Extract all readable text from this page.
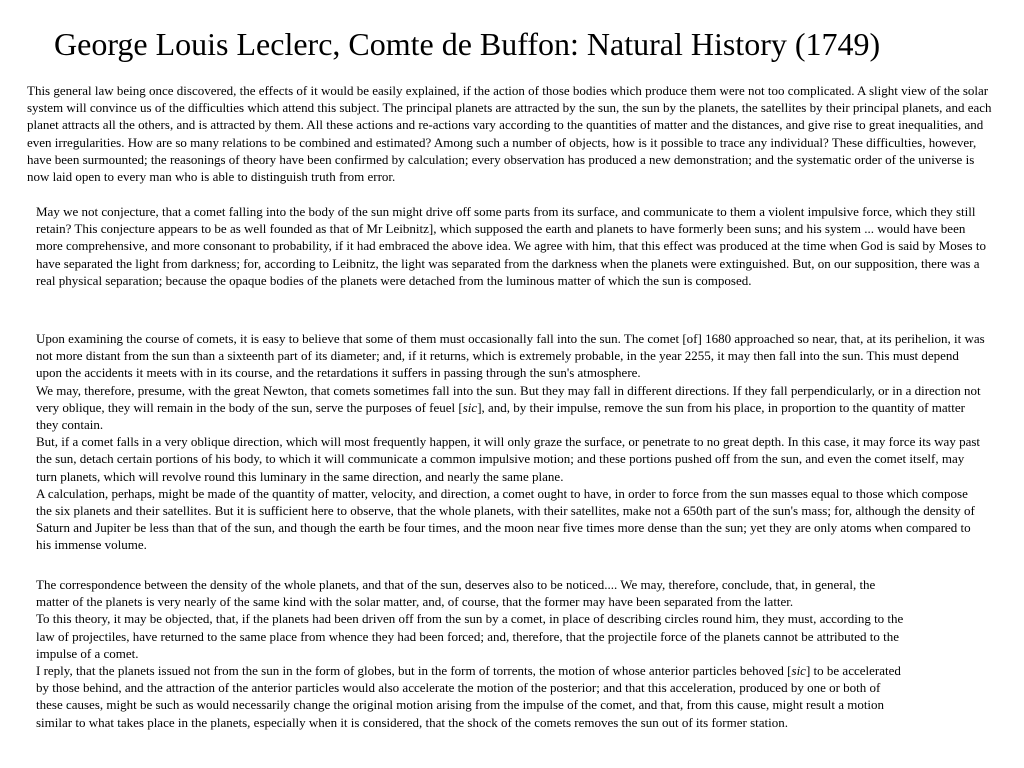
George Louis Leclerc, Comte de Buffon: Natural History (1749)

This general law being once discovered, the effects of it would be easily explained, if the action of those bodies which produce them were not too complicated. A slight view of the solar system will convince us of the difficulties which attend this subject. The principal planets are attracted by the sun, the sun by the planets, the satellites by their principal planets, and each planet attracts all the others, and is attracted by them. All these actions and re-actions vary according to the quantities of matter and the distances, and give rise to great inequalities, and even irregularities. How are so many relations to be combined and estimated? Among such a number of objects, how is it possible to trace any individual? These difficulties, however, have been surmounted; the reasonings of theory have been confirmed by calculation; every observation has produced a new demonstration; and the systematic order of the universe is now laid open to every man who is able to distinguish truth from error.

May we not conjecture, that a comet falling into the body of the sun might drive off some parts from its surface, and communicate to them a violent impulsive force, which they still retain? This conjecture appears to be as well founded as that of Mr Leibnitz], which supposed the earth and planets to have formerly been suns; and his system ... would have been more comprehensive, and more consonant to probability, if it had embraced the above idea. We agree with him, that this effect was produced at the time when God is said by Moses to have separated the light from darkness; for, according to Leibnitz, the light was separated from the darkness when the planets were extinguished. But, on our supposition, there was a real physical separation; because the opaque bodies of the planets were detached from the luminous matter of which the sun is composed.

Upon examining the course of comets, it is easy to believe that some of them must occasionally fall into the sun. The comet [of] 1680 approached so near, that, at its perihelion, it was not more distant from the sun than a sixteenth part of its diameter; and, if it returns, which is extremely probable, in the year 2255, it may then fall into the sun. This must depend upon the accidents it meets with in its course, and the retardations it suffers in passing through the sun's atmosphere.

We may, therefore, presume, with the great Newton, that comets sometimes fall into the sun. But they may fall in different directions. If they fall perpendicularly, or in a direction not very oblique, they will remain in the body of the sun, serve the purposes of feuel [sic], and, by their impulse, remove the sun from his place, in proportion to the quantity of matter they contain.

But, if a comet falls in a very oblique direction, which will most frequently happen, it will only graze the surface, or penetrate to no great depth. In this case, it may force its way past the sun, detach certain portions of his body, to which it will communicate a common impulsive motion; and these portions pushed off from the sun, and even the comet itself, may turn planets, which will revolve round this luminary in the same direction, and nearly the same plane.

A calculation, perhaps, might be made of the quantity of matter, velocity, and direction, a comet ought to have, in order to force from the sun masses equal to those which compose the six planets and their satellites. But it is sufficient here to observe, that the whole planets, with their satellites, make not a 650th part of the sun's mass; for, although the density of Saturn and Jupiter be less than that of the sun, and though the earth be four times, and the moon near five times more dense than the sun; yet they are only atoms when compared to his immense volume.

The correspondence between the density of the whole planets, and that of the sun, deserves also to be noticed.... We may, therefore, conclude, that, in general, the matter of the planets is very nearly of the same kind with the solar matter, and, of course, that the former may have been separated from the latter.

To this theory, it may be objected, that, if the planets had been driven off from the sun by a comet, in place of describing circles round him, they must, according to the law of projectiles, have returned to the same place from whence they had been forced; and, therefore, that the projectile force of the planets cannot be attributed to the impulse of a comet.

I reply, that the planets issued not from the sun in the form of globes, but in the form of torrents, the motion of whose anterior particles behoved [sic] to be accelerated by those behind, and the attraction of the anterior particles would also accelerate the motion of the posterior; and that this acceleration, produced by one or both of these causes, might be such as would necessarily change the original motion arising from the impulse of the comet, and that, from this cause, might result a motion similar to what takes place in the planets, especially when it is considered, that the shock of the comets removes the sun out of its former station.
